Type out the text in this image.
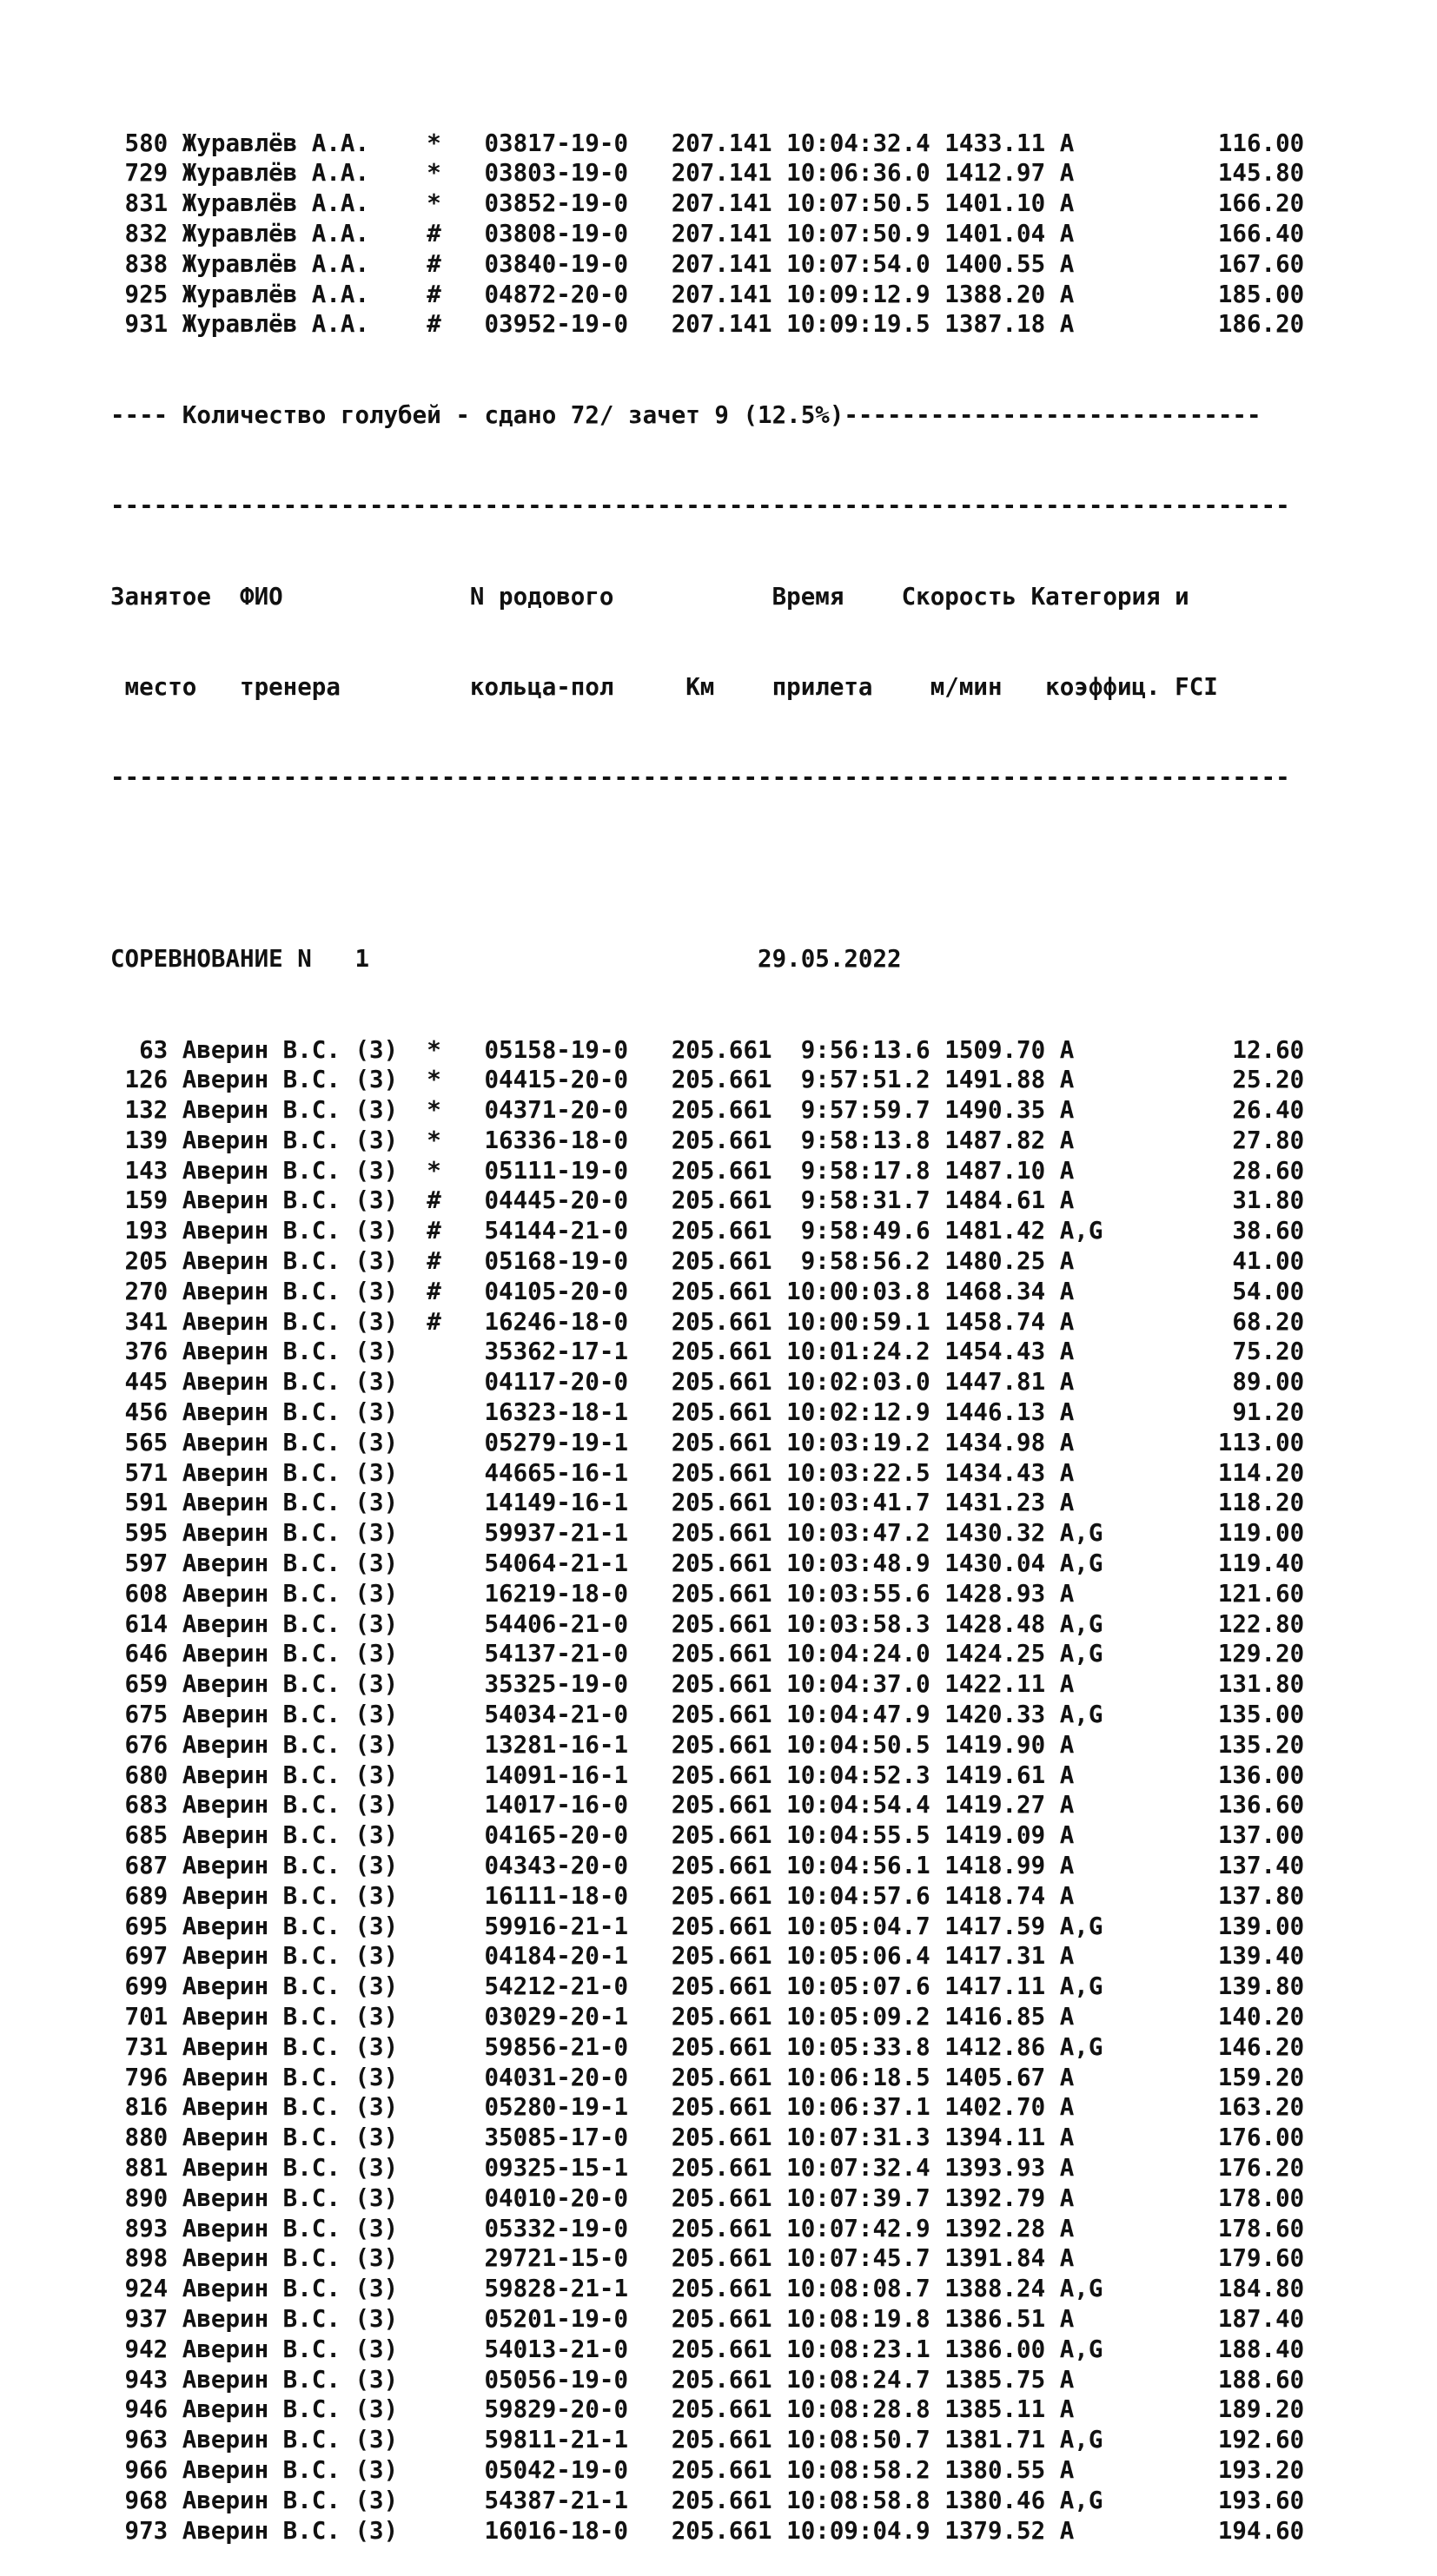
580 Журавлёв А.А.    *   03817-19-0   207.141 10:04:32.4 1433.11 A          116.00
729 Журавлёв А.А.    *   03803-19-0   207.141 10:06:36.0 1412.97 A          145.80
831 Журавлёв А.А.    *   03852-19-0   207.141 10:07:50.5 1401.10 A          166.20
832 Журавлёв А.А.    #   03808-19-0   207.141 10:07:50.9 1401.04 A          166.40
838 Журавлёв А.А.    #   03840-19-0   207.141 10:07:54.0 1400.55 A          167.60
925 Журавлёв А.А.    #   04872-20-0   207.141 10:09:12.9 1388.20 A          185.00
931 Журавлёв А.А.    #   03952-19-0   207.141 10:09:19.5 1387.18 A          186.20

---- Количество голубей - сдано 72/ зачет 9 (12.5%)-----------------------------

----------------------------------------------------------------------------------

Занятое  ФИО             N родового           Время    Скорость Категория и

место   тренера         кольца-пол     Км    прилета    м/мин   коэффиц. FCI

----------------------------------------------------------------------------------

СОРЕВНОВАНИЕ N   1                           29.05.2022

63 Аверин В.С. (З)  *   05158-19-0   205.661  9:56:13.6 1509.70 A           12.60
126 Аверин В.С. (З)  *   04415-20-0   205.661  9:57:51.2 1491.88 A           25.20
132 Аверин В.С. (З)  *   04371-20-0   205.661  9:57:59.7 1490.35 A           26.40
139 Аверин В.С. (З)  *   16336-18-0   205.661  9:58:13.8 1487.82 A           27.80
143 Аверин В.С. (З)  *   05111-19-0   205.661  9:58:17.8 1487.10 A           28.60
159 Аверин В.С. (З)  #   04445-20-0   205.661  9:58:31.7 1484.61 A           31.80
193 Аверин В.С. (З)  #   54144-21-0   205.661  9:58:49.6 1481.42 A,G         38.60
205 Аверин В.С. (З)  #   05168-19-0   205.661  9:58:56.2 1480.25 A           41.00
270 Аверин В.С. (З)  #   04105-20-0   205.661 10:00:03.8 1468.34 A           54.00
341 Аверин В.С. (З)  #   16246-18-0   205.661 10:00:59.1 1458.74 A           68.20
376 Аверин В.С. (З)      35362-17-1   205.661 10:01:24.2 1454.43 A           75.20
445 Аверин В.С. (З)      04117-20-0   205.661 10:02:03.0 1447.81 A           89.00
456 Аверин В.С. (З)      16323-18-1   205.661 10:02:12.9 1446.13 A           91.20
565 Аверин В.С. (З)      05279-19-1   205.661 10:03:19.2 1434.98 A          113.00
571 Аверин В.С. (З)      44665-16-1   205.661 10:03:22.5 1434.43 A          114.20
591 Аверин В.С. (З)      14149-16-1   205.661 10:03:41.7 1431.23 A          118.20
595 Аверин В.С. (З)      59937-21-1   205.661 10:03:47.2 1430.32 A,G        119.00
597 Аверин В.С. (З)      54064-21-1   205.661 10:03:48.9 1430.04 A,G        119.40
608 Аверин В.С. (З)      16219-18-0   205.661 10:03:55.6 1428.93 A          121.60
614 Аверин В.С. (З)      54406-21-0   205.661 10:03:58.3 1428.48 A,G        122.80
646 Аверин В.С. (З)      54137-21-0   205.661 10:04:24.0 1424.25 A,G        129.20
659 Аверин В.С. (З)      35325-19-0   205.661 10:04:37.0 1422.11 A          131.80
675 Аверин В.С. (З)      54034-21-0   205.661 10:04:47.9 1420.33 A,G        135.00
676 Аверин В.С. (З)      13281-16-1   205.661 10:04:50.5 1419.90 A          135.20
680 Аверин В.С. (З)      14091-16-1   205.661 10:04:52.3 1419.61 A          136.00
683 Аверин В.С. (З)      14017-16-0   205.661 10:04:54.4 1419.27 A          136.60
685 Аверин В.С. (З)      04165-20-0   205.661 10:04:55.5 1419.09 A          137.00
687 Аверин В.С. (З)      04343-20-0   205.661 10:04:56.1 1418.99 A          137.40
689 Аверин В.С. (З)      16111-18-0   205.661 10:04:57.6 1418.74 A          137.80
695 Аверин В.С. (З)      59916-21-1   205.661 10:05:04.7 1417.59 A,G        139.00
697 Аверин В.С. (З)      04184-20-1   205.661 10:05:06.4 1417.31 A          139.40
699 Аверин В.С. (З)      54212-21-0   205.661 10:05:07.6 1417.11 A,G        139.80
701 Аверин В.С. (З)      03029-20-1   205.661 10:05:09.2 1416.85 A          140.20
731 Аверин В.С. (З)      59856-21-0   205.661 10:05:33.8 1412.86 A,G        146.20
796 Аверин В.С. (З)      04031-20-0   205.661 10:06:18.5 1405.67 A          159.20
816 Аверин В.С. (З)      05280-19-1   205.661 10:06:37.1 1402.70 A          163.20
880 Аверин В.С. (З)      35085-17-0   205.661 10:07:31.3 1394.11 A          176.00
881 Аверин В.С. (З)      09325-15-1   205.661 10:07:32.4 1393.93 A          176.20
890 Аверин В.С. (З)      04010-20-0   205.661 10:07:39.7 1392.79 A          178.00
893 Аверин В.С. (З)      05332-19-0   205.661 10:07:42.9 1392.28 A          178.60
898 Аверин В.С. (З)      29721-15-0   205.661 10:07:45.7 1391.84 A          179.60
924 Аверин В.С. (З)      59828-21-1   205.661 10:08:08.7 1388.24 A,G        184.80
937 Аверин В.С. (З)      05201-19-0   205.661 10:08:19.8 1386.51 A          187.40
942 Аверин В.С. (З)      54013-21-0   205.661 10:08:23.1 1386.00 A,G        188.40
943 Аверин В.С. (З)      05056-19-0   205.661 10:08:24.7 1385.75 A          188.60
946 Аверин В.С. (З)      59829-20-0   205.661 10:08:28.8 1385.11 A          189.20
963 Аверин В.С. (З)      59811-21-1   205.661 10:08:50.7 1381.71 A,G        192.60
966 Аверин В.С. (З)      05042-19-0   205.661 10:08:58.2 1380.55 A          193.20
968 Аверин В.С. (З)      54387-21-1   205.661 10:08:58.8 1380.46 A,G        193.60
973 Аверин В.С. (З)      16016-18-0   205.661 10:09:04.9 1379.52 A          194.60
